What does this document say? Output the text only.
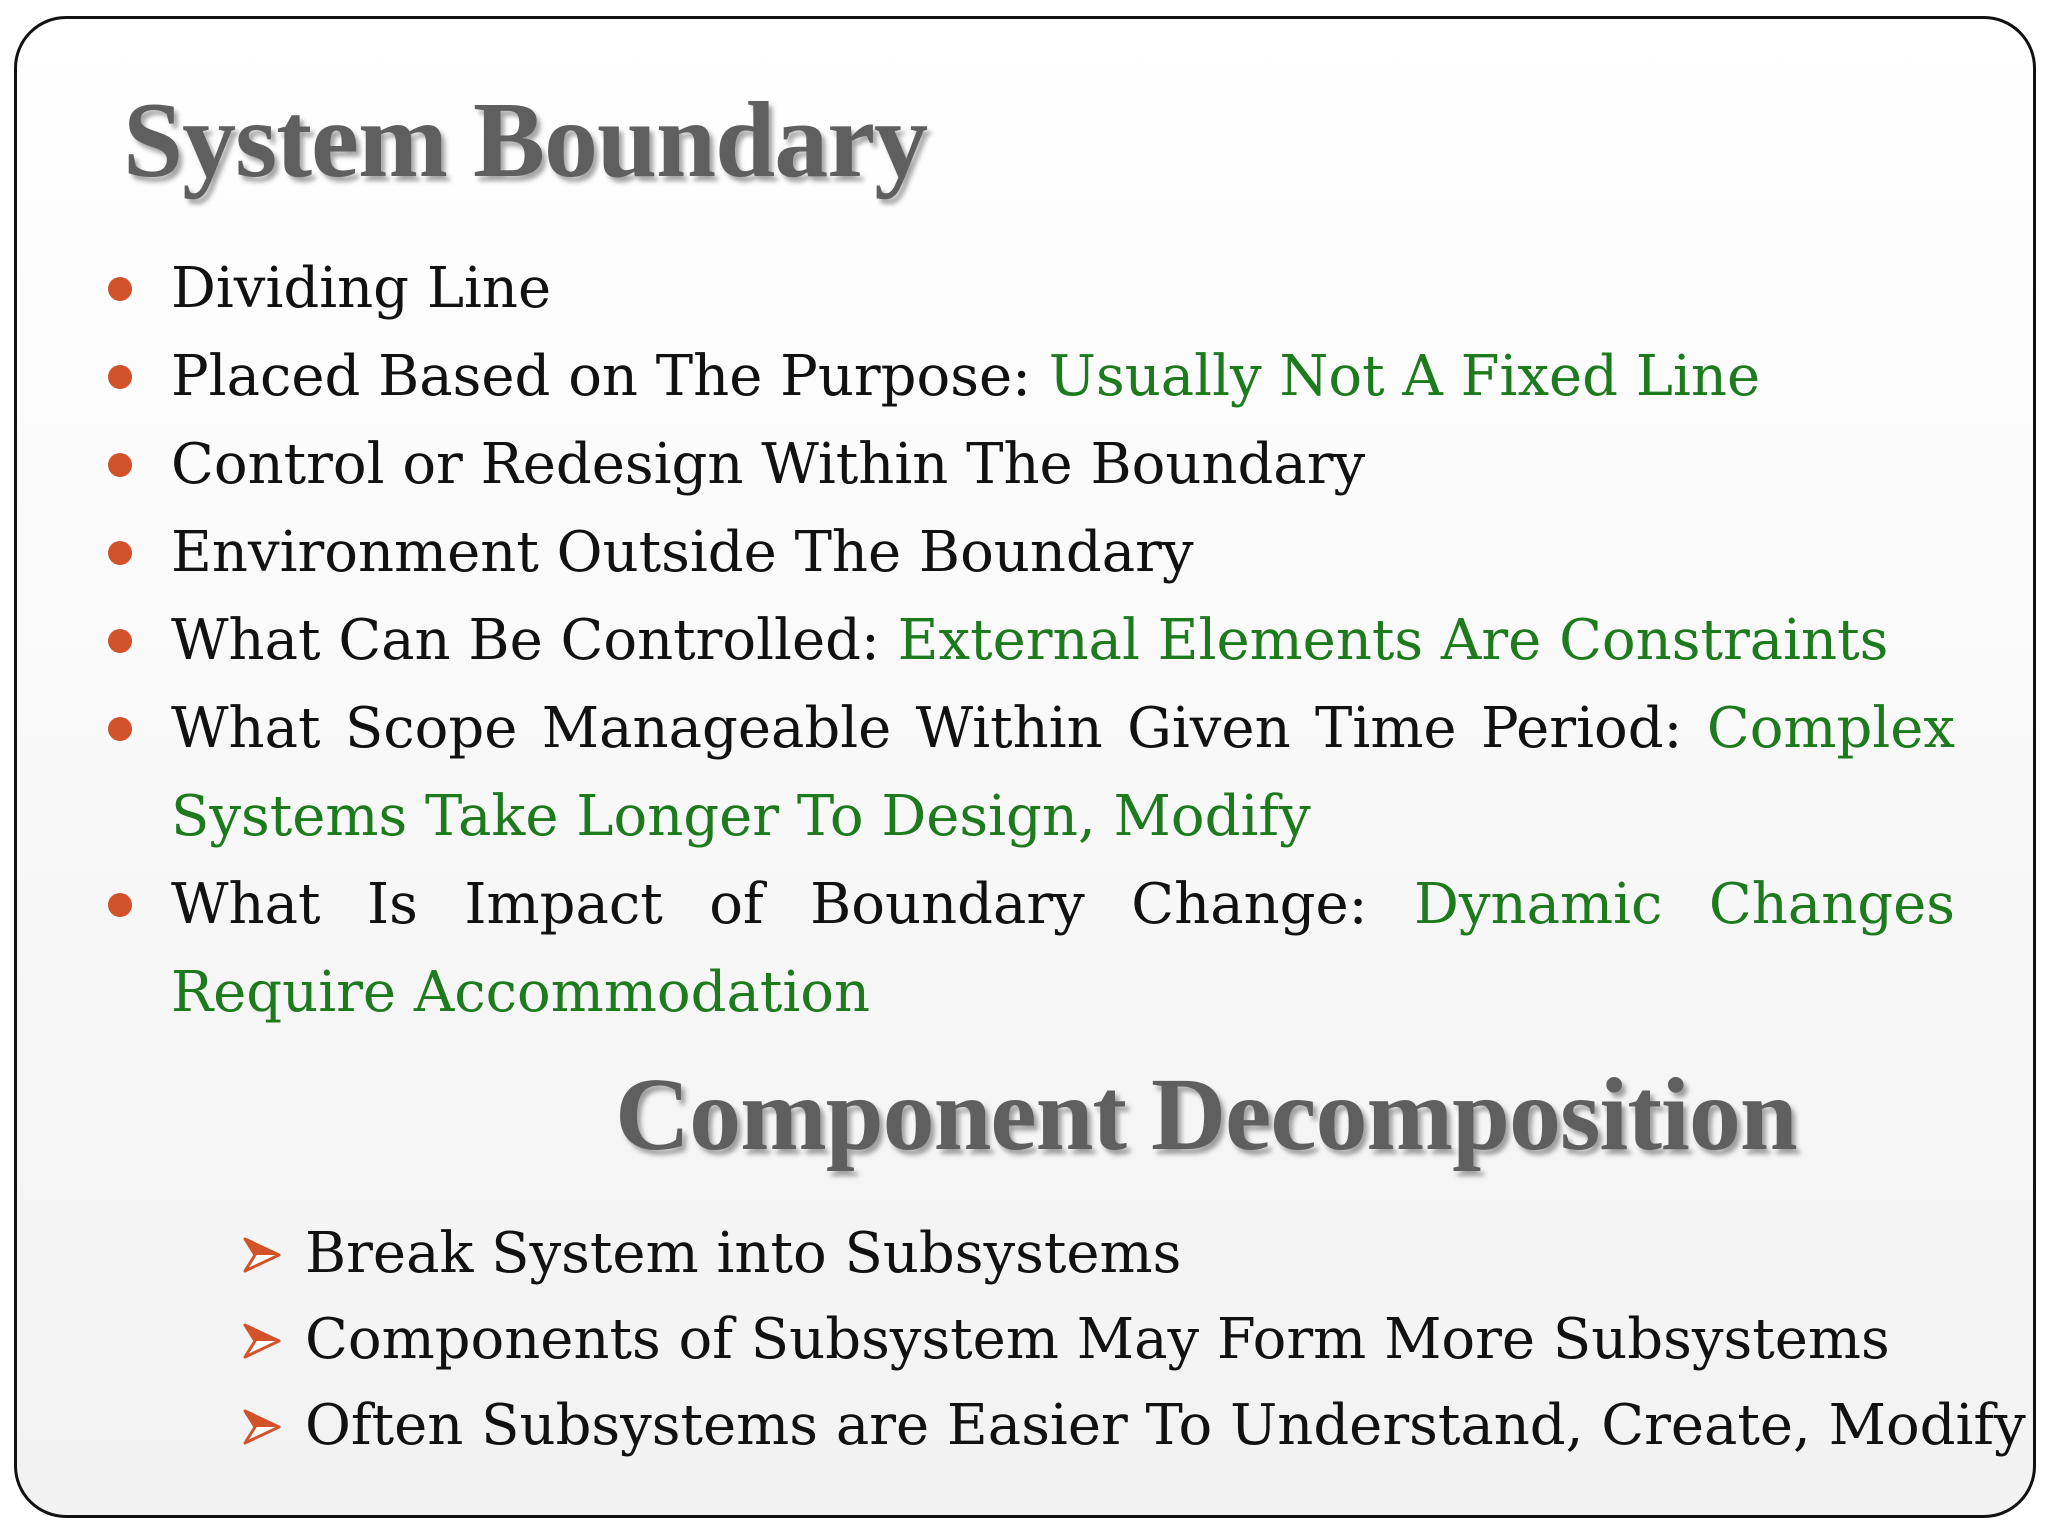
System Boundary
Dividing Line
Placed Based on The Purpose: Usually Not A Fixed Line
Control or Redesign Within The Boundary
Environment Outside The Boundary
What Can Be Controlled: External Elements Are Constraints
What Scope Manageable Within Given Time Period: Complex Systems Take Longer To Design, Modify
What Is Impact of Boundary Change: Dynamic Changes Require Accommodation
Component Decomposition
Break System into Subsystems
Components of Subsystem May Form More Subsystems
Often Subsystems are Easier To Understand, Create, Modify
